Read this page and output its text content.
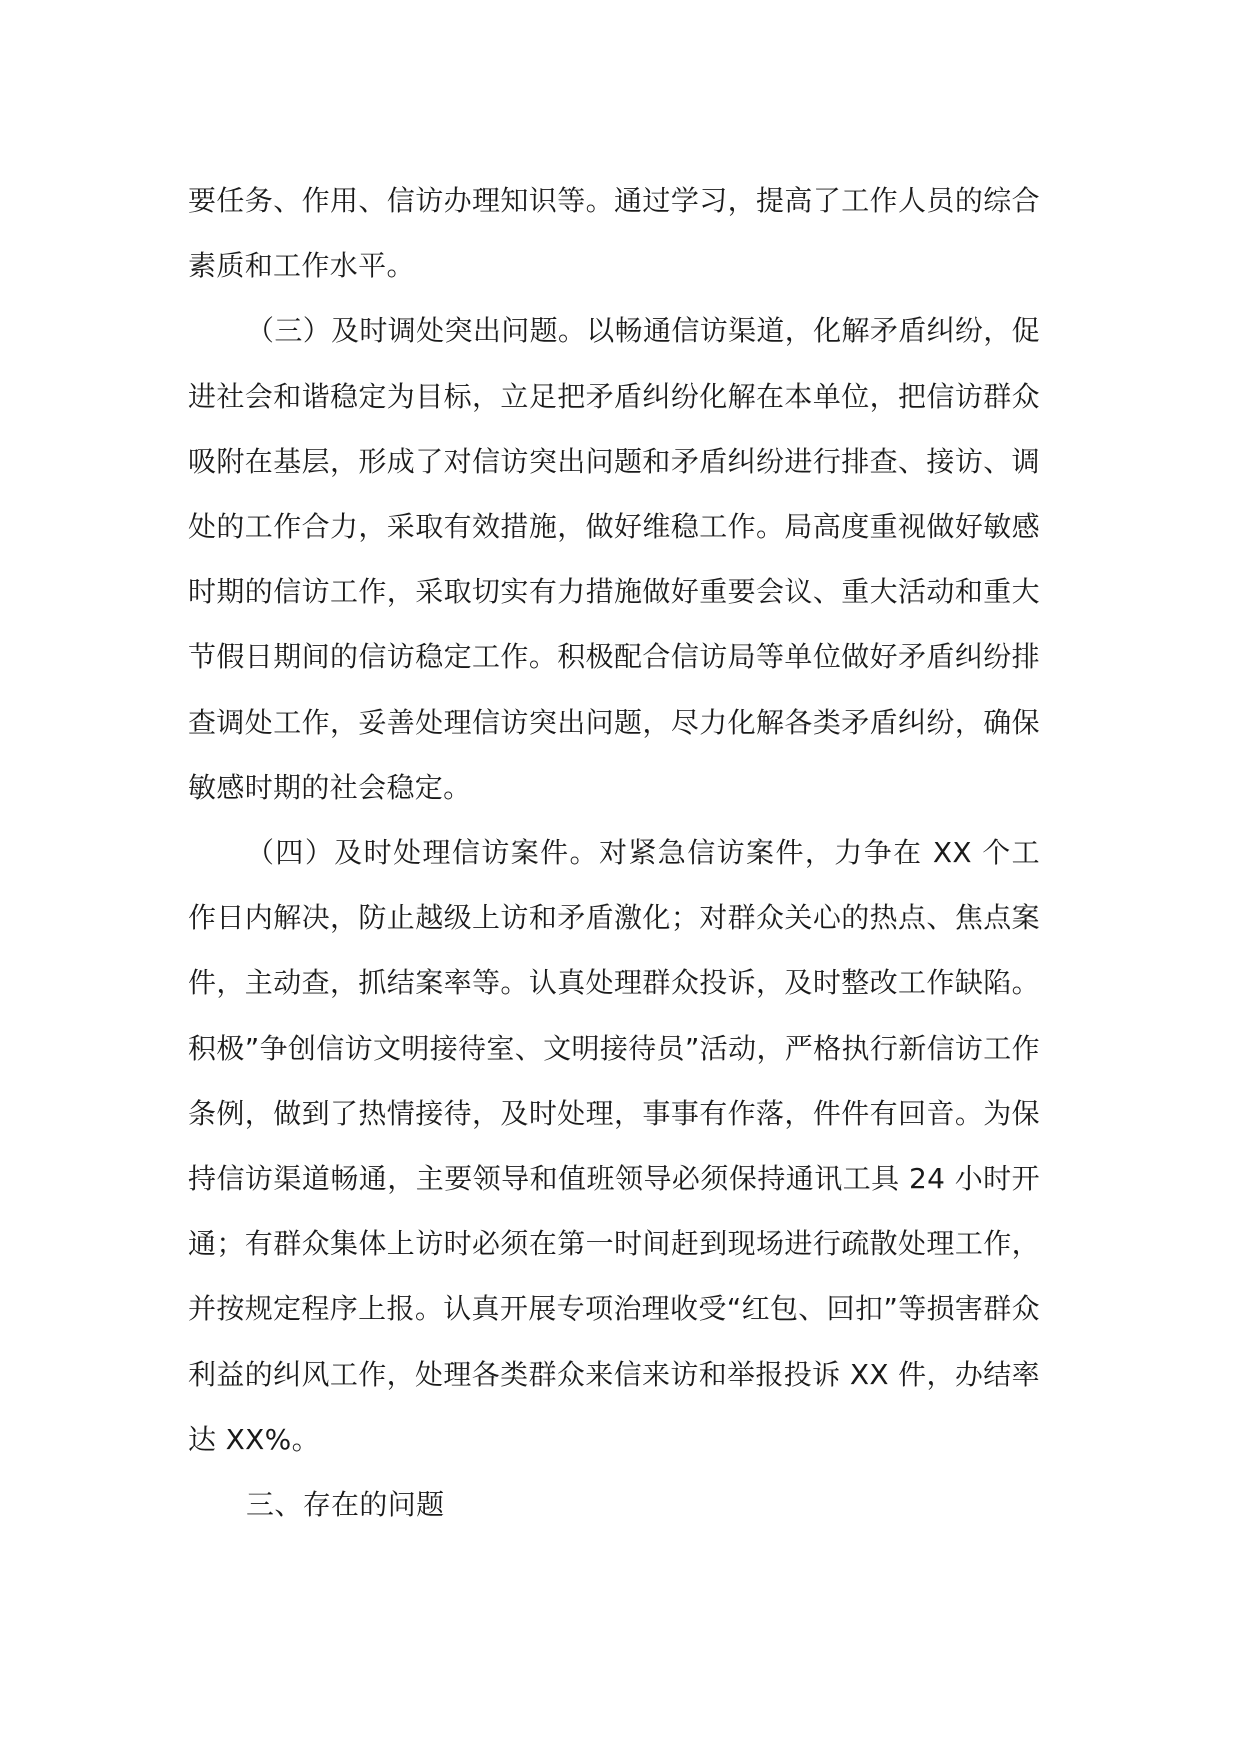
要任务、作用、信访办理知识等。通过学习，提高了工作人员的综合素质和工作水平。

（三）及时调处突出问题。以畅通信访渠道，化解矛盾纠纷，促进社会和谐稳定为目标，立足把矛盾纠纷化解在本单位，把信访群众吸附在基层，形成了对信访突出问题和矛盾纠纷进行排查、接访、调处的工作合力，采取有效措施，做好维稳工作。局高度重视做好敏感时期的信访工作，采取切实有力措施做好重要会议、重大活动和重大节假日期间的信访稳定工作。积极配合信访局等单位做好矛盾纠纷排查调处工作，妥善处理信访突出问题，尽力化解各类矛盾纠纷，确保敏感时期的社会稳定。

（四）及时处理信访案件。对紧急信访案件，力争在 XX 个工作日内解决，防止越级上访和矛盾激化；对群众关心的热点、焦点案件，主动查，抓结案率等。认真处理群众投诉，及时整改工作缺陷。积极”争创信访文明接待室、文明接待员”活动，严格执行新信访工作条例，做到了热情接待，及时处理，事事有作落，件件有回音。为保持信访渠道畅通，主要领导和值班领导必须保持通讯工具 24 小时开通；有群众集体上访时必须在第一时间赶到现场进行疏散处理工作，并按规定程序上报。认真开展专项治理收受“红包、回扣”等损害群众利益的纠风工作，处理各类群众来信来访和举报投诉 XX 件，办结率达 XX%。

三、存在的问题
